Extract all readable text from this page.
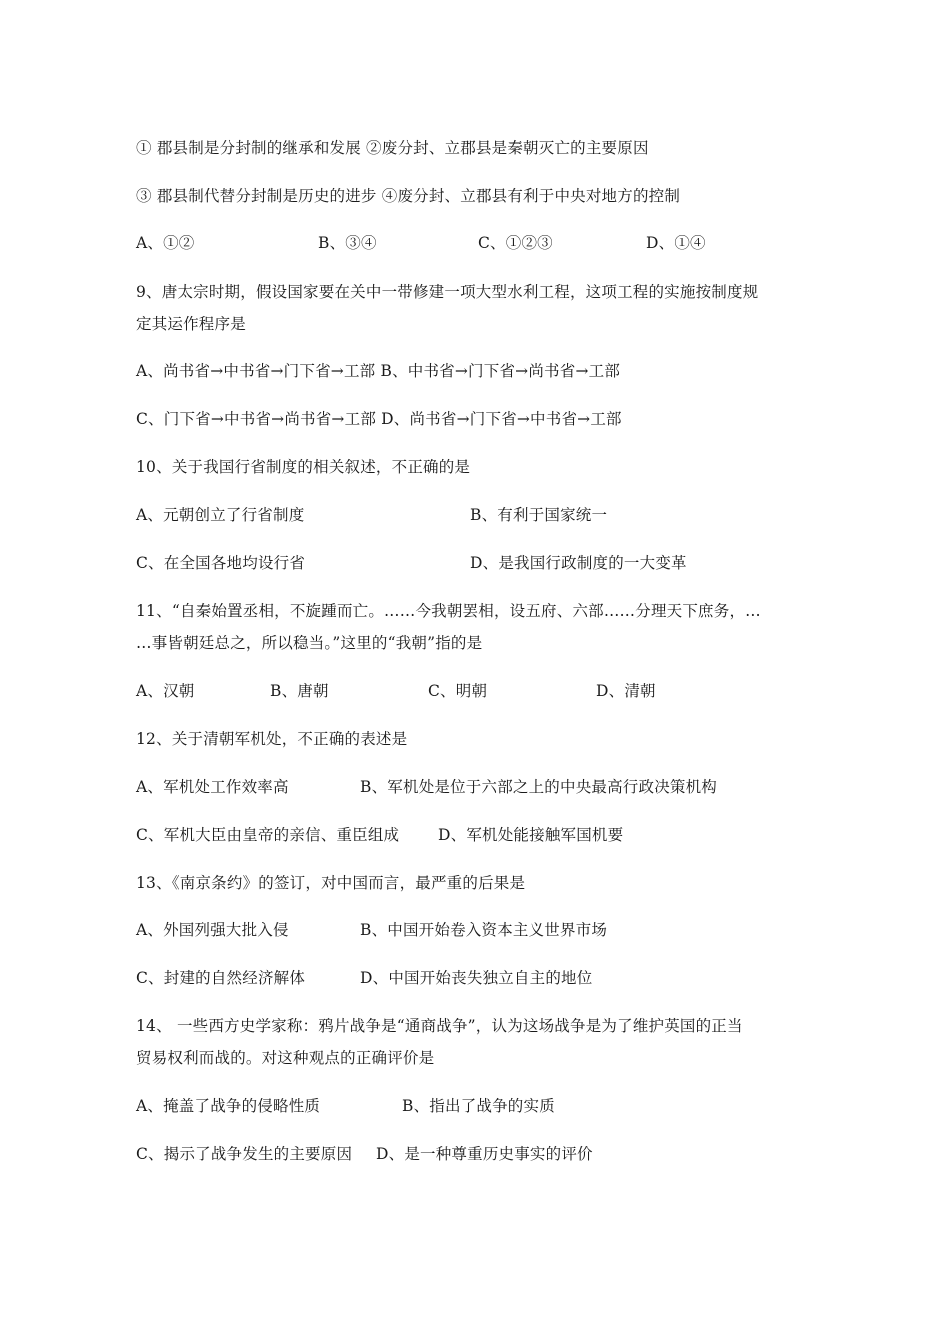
① 郡县制是分封制的继承和发展 ②废分封、立郡县是秦朝灭亡的主要原因
③ 郡县制代替分封制是历史的进步 ④废分封、立郡县有利于中央对地方的控制
A、①②	B、③④	C、①②③	D、①④
9、唐太宗时期，假设国家要在关中一带修建一项大型水利工程，这项工程的实施按制度规
定其运作程序是
A、尚书省→中书省→门下省→工部 B、中书省→门下省→尚书省→工部
C、门下省→中书省→尚书省→工部 D、尚书省→门下省→中书省→工部
10、关于我国行省制度的相关叙述，不正确的是
A、元朝创立了行省制度	B、有利于国家统一
C、在全国各地均设行省	D、是我国行政制度的一大变革
11、“自秦始置丞相，不旋踵而亡。……今我朝罢相，设五府、六部……分理天下庶务，…
…事皆朝廷总之，所以稳当。”这里的“我朝”指的是
A、汉朝	B、唐朝	C、明朝	D、清朝
12、关于清朝军机处，不正确的表述是
A、军机处工作效率高	B、军机处是位于六部之上的中央最高行政决策机构
C、军机大臣由皇帝的亲信、重臣组成 D、军机处能接触军国机要
13、《南京条约》的签订，对中国而言，最严重的后果是
A、外国列强大批入侵	B、中国开始卷入资本主义世界市场
C、封建的自然经济解体	D、中国开始丧失独立自主的地位
14、 一些西方史学家称：鸦片战争是“通商战争”，认为这场战争是为了维护英国的正当
贸易权利而战的。对这种观点的正确评价是
A、掩盖了战争的侵略性质	B、指出了战争的实质
C、揭示了战争发生的主要原因 D、是一种尊重历史事实的评价
